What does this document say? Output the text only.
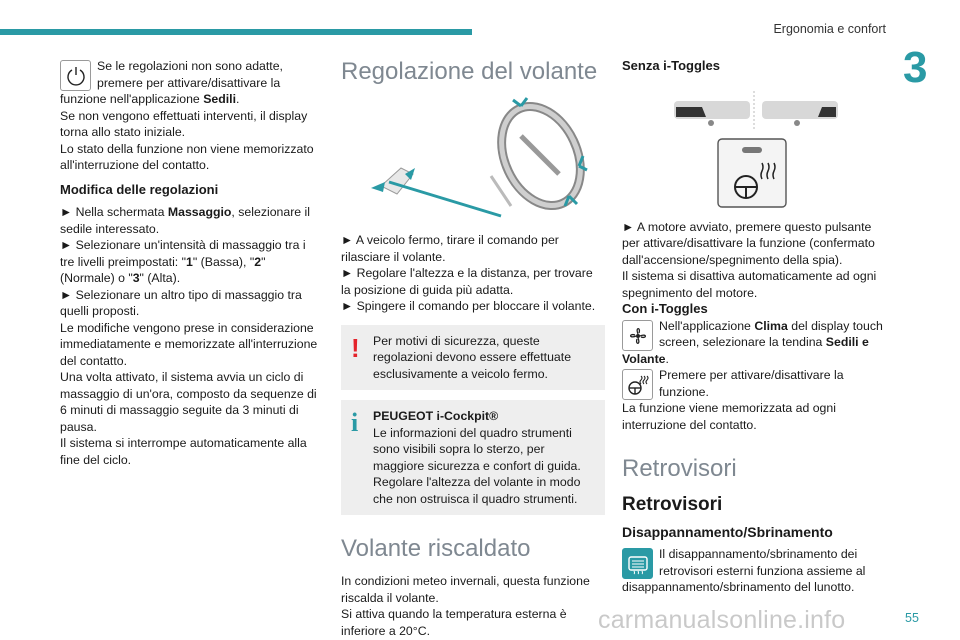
Ergonomia e confort
3

Se le regolazioni non sono adatte, premere per attivare/disattivare la funzione nell'applicazione Sedili.

Se non vengono effettuati interventi, il display torna allo stato iniziale.

Lo stato della funzione non viene memorizzato all'interruzione del contatto.

Modifica delle regolazioni

► Nella schermata Massaggio, selezionare il sedile interessato.

► Selezionare un'intensità di massaggio tra i tre livelli preimpostati: "1" (Bassa), "2" (Normale) o "3" (Alta).

► Selezionare un altro tipo di massaggio tra quelli proposti.

Le modifiche vengono prese in considerazione immediatamente e memorizzate all'interruzione del contatto.

Una volta attivato, il sistema avvia un ciclo di massaggio di un'ora, composto da sequenze di 6 minuti di massaggio seguite da 3 minuti di pausa.

Il sistema si interrompe automaticamente alla fine del ciclo.

Regolazione del volante

► A veicolo fermo, tirare il comando per rilasciare il volante.

► Regolare l'altezza e la distanza, per trovare la posizione di guida più adatta.

► Spingere il comando per bloccare il volante.

! Per motivi di sicurezza, queste regolazioni devono essere effettuate esclusivamente a veicolo fermo.
i PEUGEOT i-Cockpit®
Le informazioni del quadro strumenti sono visibili sopra lo sterzo, per maggiore sicurezza e confort di guida.
Regolare l'altezza del volante in modo che non ostruisca il quadro strumenti.
Volante riscaldato

In condizioni meteo invernali, questa funzione riscalda il volante.

Si attiva quando la temperatura esterna è inferiore a 20°C.

Senza i-Toggles

► A motore avviato, premere questo pulsante per attivare/disattivare la funzione (confermato dall'accensione/spegnimento della spia).

Il sistema si disattiva automaticamente ad ogni spegnimento del motore.

Con i-Toggles

Nell'applicazione Clima del display touch screen, selezionare la tendina Sedili e Volante.

Premere per attivare/disattivare la funzione.

La funzione viene memorizzata ad ogni interruzione del contatto.

Retrovisori
Retrovisori
Disappannamento/Sbrinamento

Il disappannamento/sbrinamento dei retrovisori esterni funziona assieme al disappannamento/sbrinamento del lunotto.

carmanualsonline.info	55
